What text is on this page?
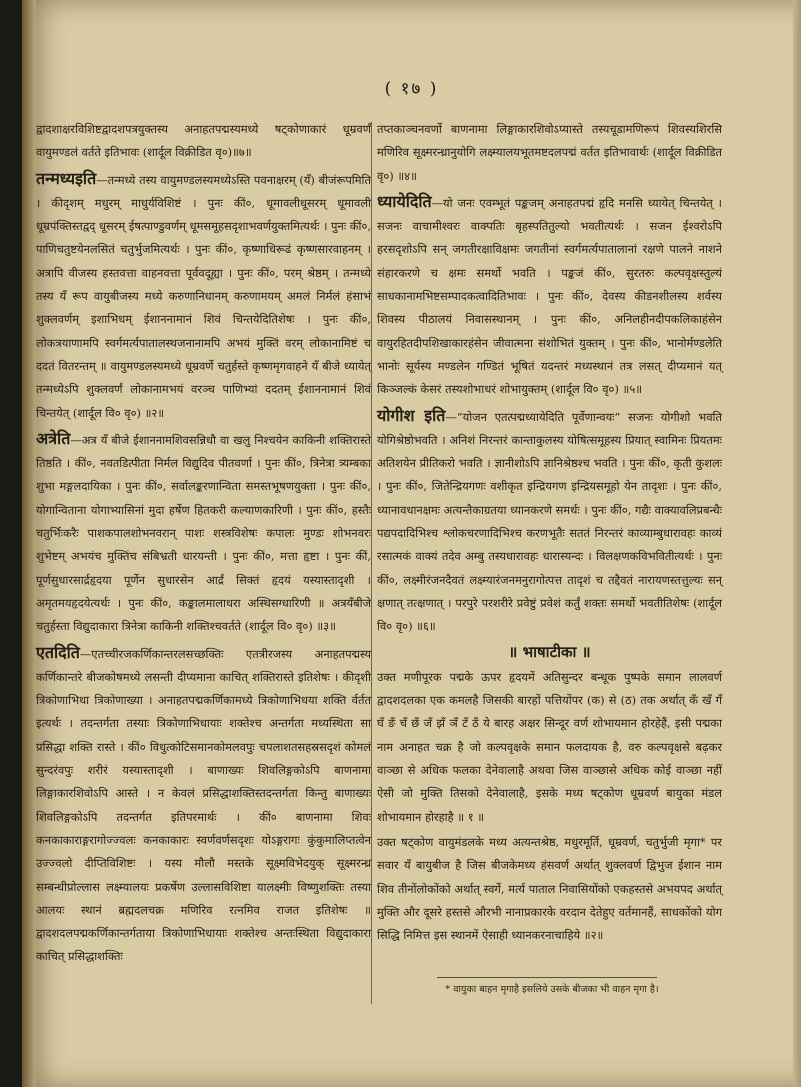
( १७ )

द्वादशाक्षरविशिष्टद्वादशपत्रयुक्तस्य अनाहतपद्मस्यमध्ये षट्कोणाकारं धूम्रवर्णं वायुमण्डलं वर्तते इतिभावः (शार्दूल विक्रीडित वृ०)॥७॥

तन्मध्यइति—तन्मध्ये तस्य वायुमण्डलस्यमध्येऽस्ति पवनाक्षरम् (यँ) बीजंरूपमिति । कीदृशम् मधुरम् माधुर्यविशिष्टं । पुनः कीं०, धूमावलीधूसरम् धूमावली धूम्रपंक्तिस्तद्वद् धूसरम् ईषत्पाण्डुवर्णम् धूमसमूहसदृशाभवर्णयुक्तमित्यर्थः । पुनः कीं०, पाणिचतुष्टयेनलसितं चतुर्भुजमित्यर्थः । पुनः कीं०, कृष्णाधिरूढं कृष्णसारवाहनम् । अत्रापि वीजस्य हस्तवत्ता वाहनवत्ता पूर्ववदूह्या । पुनः कीं०, परम् श्रेष्ठम् । तन्मध्ये तस्य यँ रूप वायुबीजस्य मध्ये करुणानिधानम् करुणामयम् अमलं निर्मलं हंसाभं शुक्लवर्णम् इशाभिधम् ईशाननामानं शिवं चिन्तयेदितिशेषः । पुनः कीं०, लोकत्रयाणामपि स्वर्गमर्त्यपातालस्थजनानामपि अभयं मुक्तिं वरम् लोकानामिष्टं च ददतं वितरन्तम् ॥ वायुमण्डलस्यमध्ये धूम्रवर्णे चतुर्हस्ते कृष्णमृगवाहने यँ बीजे ध्यायेत् तन्मध्येऽपि शुक्लवर्णं लोकानामभयं वरञ्च पाणिभ्यां ददतम् ईशाननामानं शिवं चिन्तयेत् (शार्दूल वि० वृ०) ॥२॥

अत्रेति—अत्र यँ बीजे ईशाननामशिवसन्निधौ वा खलु निश्चयेन काकिनी शक्तिरास्ते तिष्ठति । कीं०, नवतडित्पीता निर्मल विद्युदिव पीतवर्णा । पुनः कीं०, त्रिनेत्रा त्र्यम्बका शुभा मङ्गलदायिका । पुनः कीं०, सर्वालङ्करणान्विता समस्तभूषणयुक्ता । पुनः कीं०, योगान्विताना योगाभ्यासिनां मुदा हर्षेण हितकरी कल्याणकारिणी । पुनः कीं०, हस्तैः चतुर्भिःकरैः पाशकपालशोभनवरान् पाशः शस्त्रविशेषः कपालः मुण्डः शोभनवरः शुभेष्टम् अभयंच मुक्तिंच संबिभ्रती धारयन्ती । पुनः कीं०, मत्ता हृष्टा । पुनः कीं, पूर्णसुधारसार्द्रहृदया पूर्णेन सुधारसेन आर्द्रं सिक्तं हृदयं यस्यास्तादृशी । अमृतमयहृदयेत्यर्थः । पुनः कीं०, कङ्कालमालाधरा अस्थिसग्धारिणी ॥ अत्रयँबीजे चतुर्हस्ता विद्युदाकारा त्रिनेत्रा काकिनी शक्तिश्चवर्तते (शार्दूल वि० वृ०) ॥३॥

एतदिति—एतच्चीरजकर्णिकान्तरलसच्छक्तिः एतत्रीरजस्य अनाहतपद्मस्य कर्णिकान्तरे बीजकोषमध्ये लसन्ती दीप्यमाना काचित् शक्तिरास्ते इतिशेषः । कीदृशी त्रिकोणाभिधा त्रिकोणाख्या । अनाहतपद्मकर्णिकामध्ये त्रिकोणाभिधया शक्ति र्वर्तत इत्यर्थः । तदन्तर्गता तस्याः त्रिकोणाभिधायाः शक्तेश्च अन्तर्गता मध्यस्थिता सा प्रसिद्धा शक्ति रास्ते । कीं० विधुत्कोटिसमानकोमलवपुः चपलाशतसहस्रसदृशं कोमलं सुन्दरंवपुः शरीरं यस्यास्तादृशी । बाणाख्यः शिवलिङ्गकोऽपि बाणनामा लिङ्गाकारशिवोऽपि आस्ते । न केवलं प्रसिद्धाशक्तिस्तदन्तर्गता किन्तु बाणाख्यः शिवलिङ्गकोऽपि तदन्तर्गत इतिपरमार्थः । कीं० बाणनामा शिवः कनकाकाराङ्गरागोज्ज्वलः कनकाकारः स्वर्णवर्णसदृशः योऽङ्गरागः कुंकुमालिप्तत्वेन उज्ज्वलो दीप्तिविशिष्टः । यस्य मौलौ मस्तके सूक्ष्मविभेदयुक् सूक्ष्मरन्ध्र सम्बन्धीप्रोल्लास लक्ष्म्यालयः प्रकर्षेण उल्लासविशिष्टा यालक्ष्मीः विष्णुशक्तिः तस्या आलयः स्थानं ब्रह्मदलचक्र मणिरिव रत्नमिव राजत इतिशेषः ॥ द्वादशदलपद्मकर्णिकान्तर्गताया त्रिकोणाभिधायाः शक्तेश्च अन्तःस्थिता विद्युदाकारा काचित् प्रसिद्धाशक्तिः

तप्तकाञ्चनवर्णो बाणनामा लिङ्गाकारशिवोऽप्यास्ते तस्यचूडामणिरूपं शिवस्यशिरसि मणिरिव सूक्ष्मरन्ध्रानुयोगि लक्ष्म्यालयभूतमष्टदलपद्मं वर्तत इतिभावार्थः (शार्दूल विक्रीडित वृ०) ॥४॥

ध्यायेदिति—यो जनः एवम्भूतं पङ्कजम् अनाहतपद्मं हृदि मनसि ध्यायेत् चिन्तयेत् । सजनः वाचामीश्वरः वाक्पतिः बृहस्पतितुल्यो भवतीत्यर्थः । सजन ईश्वरोऽपि हरसदृशोऽपि सन् जगतीरक्षाविक्षमः जगतीनां स्वर्गमर्त्यपातालानां रक्षणे पालने नाशने संहारकरणे च क्षमः समर्थो भवति । पङ्कजं कीं०, सुरतरुः कल्पवृक्षस्तुल्यं साधकानामभिष्टसम्पादकत्वादितिभावः । पुनः कीं०, देवस्य कीडनशीलस्य शर्वस्य शिवस्य पीठालयं निवासस्थानम् । पुनः कीं०, अनिलहीनदीपकलिकाहंसेन वायुरहितदीपशिखाकारहंसेन जीवात्मना संशोभितं युक्तम् । पुनः कीं०, भानोर्मण्डलेति भानोः सूर्यस्य मण्डलेन गण्डितं भूषितं यदन्तरं मध्यस्थानं तत्र लसत् दीप्यमानं यत् किञ्जल्कं केसरं तस्यशोभाधरं शोभायुक्तम् (शार्दूल वि० वृ०) ॥५॥

योगीश इति—“योजन एतत्पद्मध्यायेदिति पूर्वेणान्वयः” सजनः योगीशो भवति योगिश्रेष्ठोभवति । अनिशं निरन्तरं कान्ताकुलस्य योषित्समूहस्य प्रियात् स्वामिनः प्रियतमः अतिशयेन प्रीतिकरो भवति । ज्ञानीशोऽपि ज्ञानिश्रेष्ठश्च भवति । पुनः कीं०, कृती कुशलः । पुनः कीं०, जितेन्द्रियगणः वशीकृत इन्द्रियगण इन्द्रियसमूहो येन तादृशः । पुनः कीं०, ध्यानावधानक्षमः अत्यन्तैकाग्रतया ध्यानकरणे समर्थः । पुनः कीं०, गद्यैः वाक्यावलिप्रबन्धैः पद्यपदादिभिश्च श्लोकचरणादिभिश्च करणभूतैः सततं निरन्तरं काव्याम्बुधारावहः काव्यं रसात्मकं वाक्यं तदेव अम्बु तस्यधारावहः धारास्यन्दः । विलक्षणकविभवितीत्यर्थः । पुनः कीं०, लक्ष्मीरंजनदैवतं लक्ष्म्यारंजनमनुरागोत्पत्त तादृशं च तद्दैवतं नारायणस्तत्तुल्यः सन् क्षणात् तत्क्षणात् । परपुरे परशरीरे प्रवेष्टुं प्रवेशं कर्तुं शक्तः समर्थो भवतीतिशेषः (शार्दूल वि० वृ०) ॥६॥

॥ भाषाटीका ॥

उक्त मणीपूरक पद्मके ऊपर हृदयमें अतिसुन्दर बन्धूक पुष्पके समान लालवर्ण द्वादशदलका एक कमलहै जिसकी बारहों पत्तियोंपर (क) से (ठ) तक अर्थात् कँ खँ गँ घँ ङँ चँ छँ जँ झँ ञँ टँ ठँ ये बारह अक्षर सिन्दूर वर्ण शोभायमान होरहेहैं, इसी पद्मका नाम अनाहत चक्र है जो कल्पवृक्षके समान फलदायक है, वरु कल्पवृक्षसे बढ़कर वाञ्छा से अधिक फलका देनेवालाहै अथवा जिस वाञ्छासे अधिक कोई वाञ्छा नहीं ऐसी जो मुक्ति तिसको देनेवालाहै, इसके मध्य षट्कोण धूम्रवर्ण बायुका मंडल शोभायमान होरहाहै ॥ १ ॥

उक्त षट्कोण वायुमंडलके मध्य अत्यन्तश्रेष्ठ, मधुरमूर्ति, धूम्रवर्ण, चतुर्भुजी मृगा* पर सवार यँ बायुबीज है जिस बीजकेमध्य हंसवर्ण अर्थात् शुक्लवर्ण द्विभुज ईशान नाम शिव तीनोंलोकोंको अर्थात् स्वर्गे, मर्त्य पाताल निवासियोंको एकहस्तसे अभयपद अर्थात् मुक्ति और दूसरे हस्तसे औरभी नानाप्रकारके वरदान देतेहुए वर्तमानहैं, साधकोंको योग सिद्धि निमित्त इस स्थानमें ऐसाही ध्यानकरनाचाहिये ॥२॥

* वायुका बाहन मृगाहै इसलिये उसके बीजका भी वाहन मृगा है।
